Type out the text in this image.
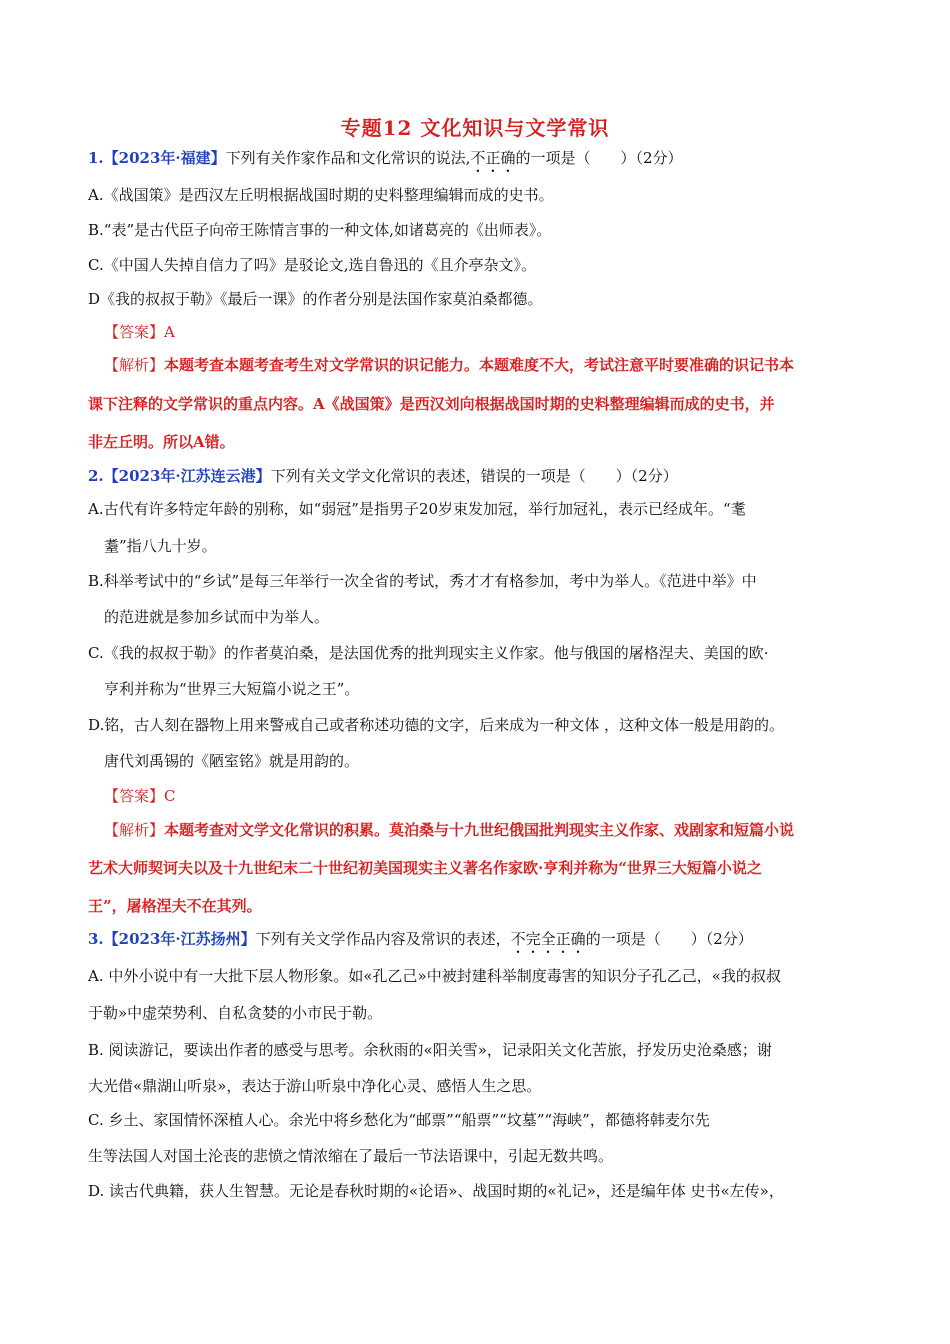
专题12 文化知识与文学常识
1.【2023年·福建】下列有关作家作品和文化常识的说法,不正确的一项是（　　）（2分）
A.《战国策》是西汉左丘明根据战国时期的史料整理编辑而成的史书。
B.“表”是古代臣子向帝王陈情言事的一种文体,如诸葛亮的《出师表》。
C.《中国人失掉自信力了吗》是驳论文,选自鲁迅的《且介亭杂文》。
D《我的叔叔于勒》《最后一课》的作者分别是法国作家莫泊桑都德。
【答案】A
【解析】本题考查本题考查考生对文学常识的识记能力。本题难度不大，考试注意平时要准确的识记书本
课下注释的文学常识的重点内容。A《战国策》是西汉刘向根据战国时期的史料整理编辑而成的史书，并
非左丘明。所以A错。
2.【2023年·江苏连云港】下列有关文学文化常识的表述，错误的一项是（　　）（2分）
A.古代有许多特定年龄的别称，如“弱冠”是指男子20岁束发加冠，举行加冠礼，表示已经成年。“耄
耋”指八九十岁。
B.科举考试中的“乡试”是每三年举行一次全省的考试，秀才才有格参加，考中为举人。《范进中举》中
的范进就是参加乡试而中为举人。
C.《我的叔叔于勒》的作者莫泊桑，是法国优秀的批判现实主义作家。他与俄国的屠格涅夫、美国的欧·
亨利并称为“世界三大短篇小说之王”。
D.铭，古人刻在器物上用来警戒自己或者称述功德的文字，后来成为一种文体 ，这种文体一般是用韵的。
唐代刘禹锡的《陋室铭》就是用韵的。
【答案】C
【解析】本题考查对文学文化常识的积累。莫泊桑与十九世纪俄国批判现实主义作家、戏剧家和短篇小说
艺术大师契诃夫以及十九世纪末二十世纪初美国现实主义著名作家欧·亨利并称为“世界三大短篇小说之
王”，屠格涅夫不在其列。
3.【2023年·江苏扬州】下列有关文学作品内容及常识的表述，不完全正确的一项是（　　）（2分）
A. 中外小说中有一大批下层人物形象。如«孔乙己»中被封建科举制度毒害的知识分子孔乙己，«我的叔叔
于勒»中虚荣势利、自私贪婪的小市民于勒。
B. 阅读游记，要读出作者的感受与思考。余秋雨的«阳关雪»，记录阳关文化苦旅，抒发历史沧桑感；谢
大光借«鼎湖山听泉»，表达于游山听泉中净化心灵、感悟人生之思。
C. 乡土、家国情怀深植人心。余光中将乡愁化为“邮票”“船票”“坟墓”“海峡”，都德将韩麦尔先
生等法国人对国土沦丧的悲愤之情浓缩在了最后一节法语课中，引起无数共鸣。
D. 读古代典籍，获人生智慧。无论是春秋时期的«论语»、战国时期的«礼记»，还是编年体 史书«左传»，
